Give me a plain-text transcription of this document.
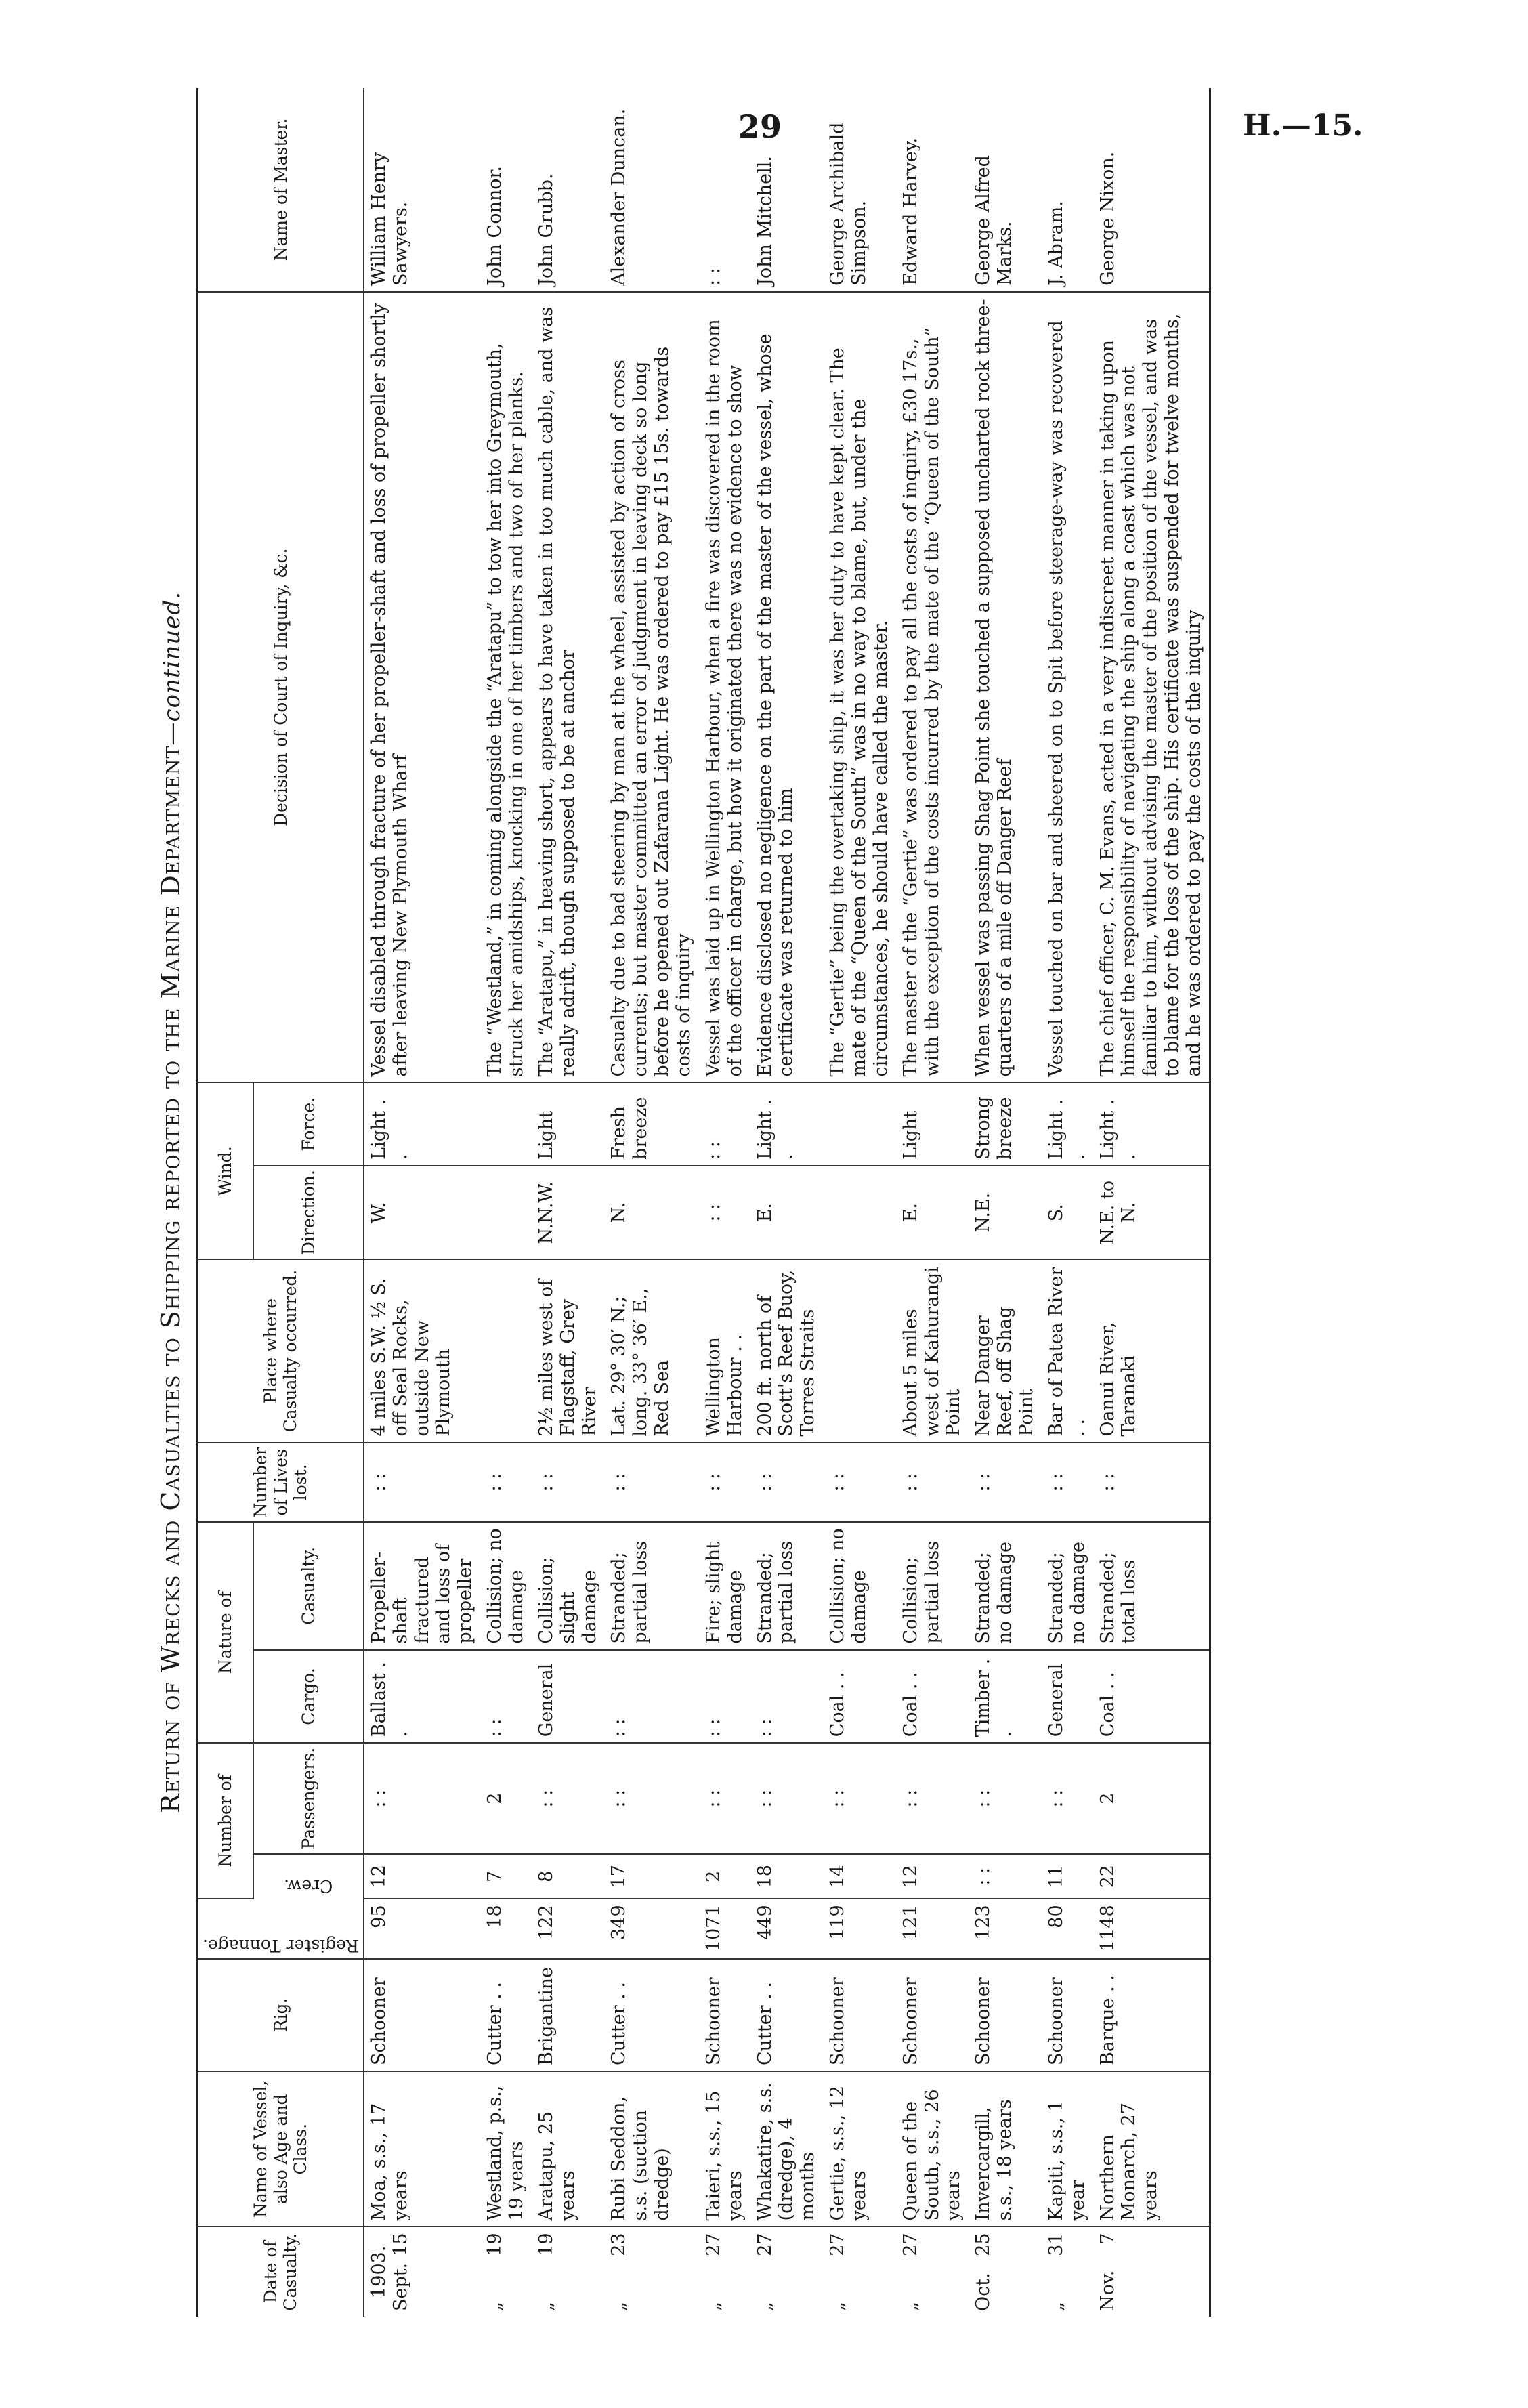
29	H.—15.
Return of Wrecks and Casualties to Shipping reported to the Marine Department—continued.
Date of Casualty.	Name of Vessel, also Age and Class.	Rig.	Register Tonnage.	Number of		Nature of		Number of Lives lost.	Place where Casualty occurred.	Wind.		Decision of Court of Inquiry, &c.	Name of Master.

				Crew.	Passengers.	Cargo.	Casualty.			Direction.	Force.		

1903. Sept.
15	Moa, s.s., 17 years	Schooner	95	12	: :	Ballast . .	Propeller-shaft fractured and loss of propeller	: :	4 miles S.W. ½ S. off Seal Rocks, outside New Plymouth	W.	Light . .	Vessel disabled through fracture of her propeller-shaft and loss of propeller shortly after leaving New Plymouth Wharf	William Henry Sawyers.

„
19	Westland, p.s., 19 years	Cutter . .	18	7	2	: :	Collision; no damage	: :				The “Westland,” in coming alongside the “Aratapu” to tow her into Greymouth, struck her amidships, knocking in one of her timbers and two of her planks.	John Connor.

„
19	Aratapu, 25 years	Brigantine	122	8	: :	General	Collision; slight damage	: :	2½ miles west of Flagstaff, Grey River	N.N.W.	Light	The “Aratapu,” in heaving short, appears to have taken in too much cable, and was really adrift, though supposed to be at anchor	John Grubb.

„
23	Rubi Seddon, s.s. (suction dredge)	Cutter . .	349	17	: :	: :	Stranded; partial loss	: :	Lat. 29° 30′ N.; long. 33° 36′ E., Red Sea	N.	Fresh breeze	Casualty due to bad steering by man at the wheel, assisted by action of cross currents; but master committed an error of judgment in leaving deck so long before he opened out Zafarana Light. He was ordered to pay £15 15s. towards costs of inquiry	Alexander Duncan.

„
27	Taieri, s.s., 15 years	Schooner	1071	2	: :	: :	Fire; slight damage	: :	Wellington Harbour . .	: :	: :	Vessel was laid up in Wellington Harbour, when a fire was discovered in the room of the officer in charge, but how it originated there was no evidence to show	: :

„
27	Whakatire, s.s. (dredge), 4 months	Cutter . .	449	18	: :	: :	Stranded; partial loss	: :	200 ft. north of Scott's Reef Buoy, Torres Straits	E.	Light . .	Evidence disclosed no negligence on the part of the master of the vessel, whose certificate was returned to him	John Mitchell.

„
27	Gertie, s.s., 12 years	Schooner	119	14	: :	Coal . .	Collision; no damage	: :				The “Gertie” being the overtaking ship, it was her duty to have kept clear. The mate of the “Queen of the South” was in no way to blame, but, under the circumstances, he should have called the master.	George Archibald Simpson.

„
27	Queen of the South, s.s., 26 years	Schooner	121	12	: :	Coal . .	Collision; partial loss	: :	About 5 miles west of Kahurangi Point	E.	Light	The master of the “Gertie” was ordered to pay all the costs of inquiry, £30 17s., with the exception of the costs incurred by the mate of the “Queen of the South”	Edward Harvey.

Oct.
25	Invercargill, s.s., 18 years	Schooner	123	: :	: :	Timber . .	Stranded; no damage	: :	Near Danger Reef, off Shag Point	N.E.	Strong breeze	When vessel was passing Shag Point she touched a supposed uncharted rock three-quarters of a mile off Danger Reef	George Alfred Marks.

„
31	Kapiti, s.s., 1 year	Schooner	80	11	: :	General	Stranded; no damage	: :	Bar of Patea River . .	S.	Light . .	Vessel touched on bar and sheered on to Spit before steerage-way was recovered	J. Abram.

Nov.
7	Northern Monarch, 27 years	Barque . .	1148	22	2	Coal . .	Stranded; total loss	: :	Oanui River, Taranaki	N.E. to N.	Light . .	The chief officer, C. M. Evans, acted in a very indiscreet manner in taking upon himself the responsibility of navigating the ship along a coast which was not familiar to him, without advising the master of the position of the vessel, and was to blame for the loss of the ship. His certificate was suspended for twelve months, and he was ordered to pay the costs of the inquiry	George Nixon.
